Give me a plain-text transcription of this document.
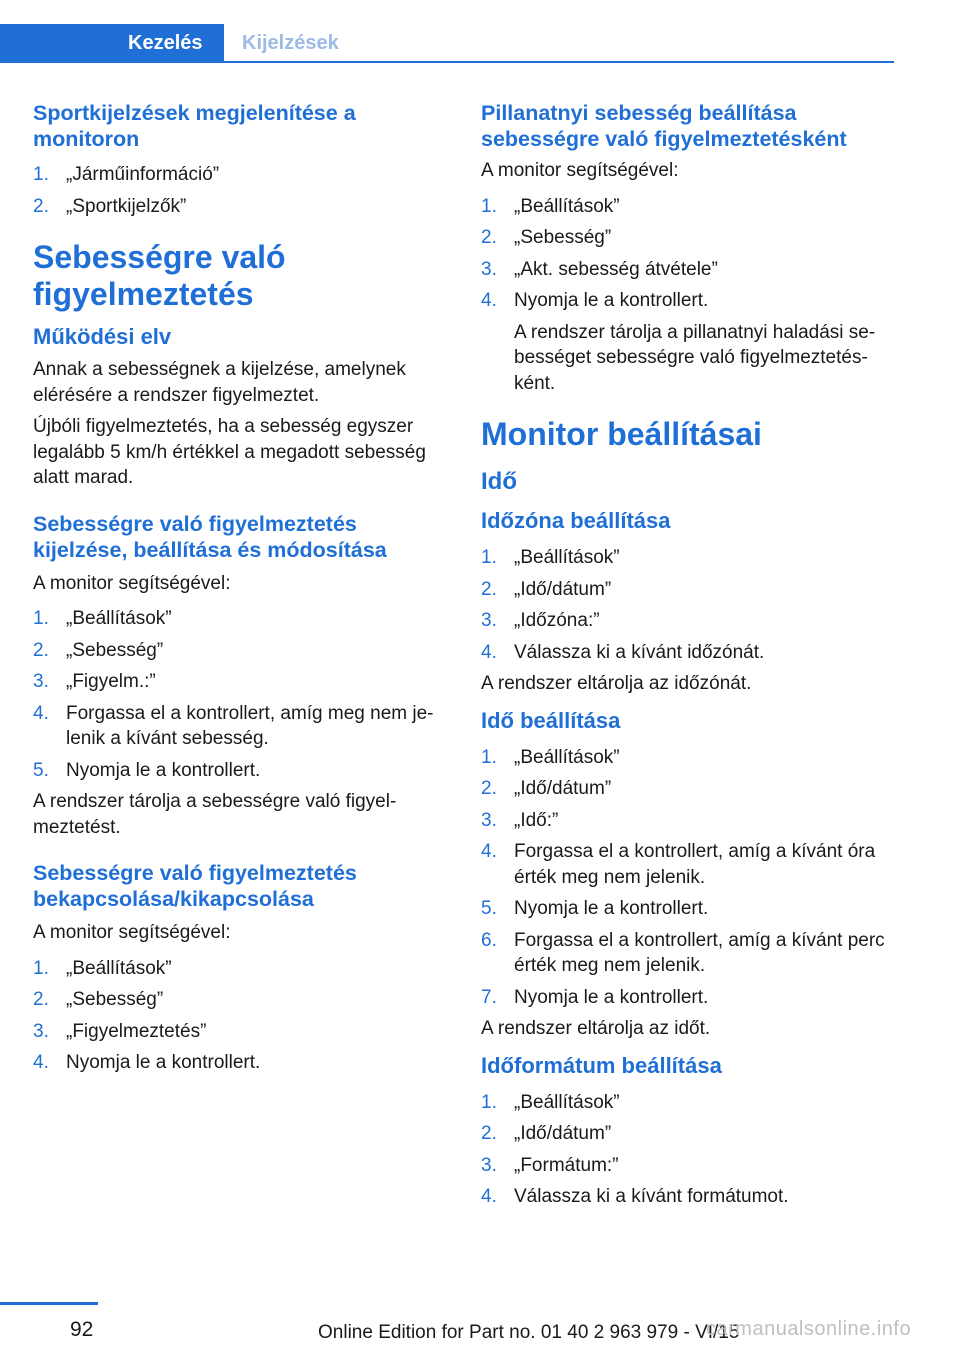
Kezelés	Kijelzések
Sportkijelzések megjelenítése a monitoron
1. „Járműinformáció”
2. „Sportkijelzők”
Sebességre való figyelmeztetés
Működési elv

Annak a sebességnek a kijelzése, amelynek elérésére a rendszer figyelmeztet.

Újbóli figyelmeztetés, ha a sebesség egyszer legalább 5 km/h értékkel a megadott sebesség alatt marad.

Sebességre való figyelmeztetés kijelzése, beállítása és módosítása

A monitor segítségével:

1. „Beállítások”
2. „Sebesség”
3. „Figyelm.:”
4. Forgassa el a kontrollert, amíg meg nem je‐lenik a kívánt sebesség.
5. Nyomja le a kontrollert.

A rendszer tárolja a sebességre való figyel‐meztetést.

Sebességre való figyelmeztetés bekapcsolása/kikapcsolása

A monitor segítségével:

1. „Beállítások”
2. „Sebesség”
3. „Figyelmeztetés”
4. Nyomja le a kontrollert.
Pillanatnyi sebesség beállítása sebességre való figyelmeztetésként

A monitor segítségével:

1. „Beállítások”
2. „Sebesség”
3. „Akt. sebesség átvétele”
4. Nyomja le a kontrollert.
A rendszer tárolja a pillanatnyi haladási se‐bességet sebességre való figyelmeztetés‐ként.
Monitor beállításai
Idő
Időzóna beállítása
1. „Beállítások”
2. „Idő/dátum”
3. „Időzóna:”
4. Válassza ki a kívánt időzónát.

A rendszer eltárolja az időzónát.

Idő beállítása
1. „Beállítások”
2. „Idő/dátum”
3. „Idő:”
4. Forgassa el a kontrollert, amíg a kívánt óra érték meg nem jelenik.
5. Nyomja le a kontrollert.
6. Forgassa el a kontrollert, amíg a kívánt perc érték meg nem jelenik.
7. Nyomja le a kontrollert.

A rendszer eltárolja az időt.

Időformátum beállítása
1. „Beállítások”
2. „Idő/dátum”
3. „Formátum:”
4. Válassza ki a kívánt formátumot.
92	Online Edition for Part no. 01 40 2 963 979 - VI/15
carmanualsonline.info
